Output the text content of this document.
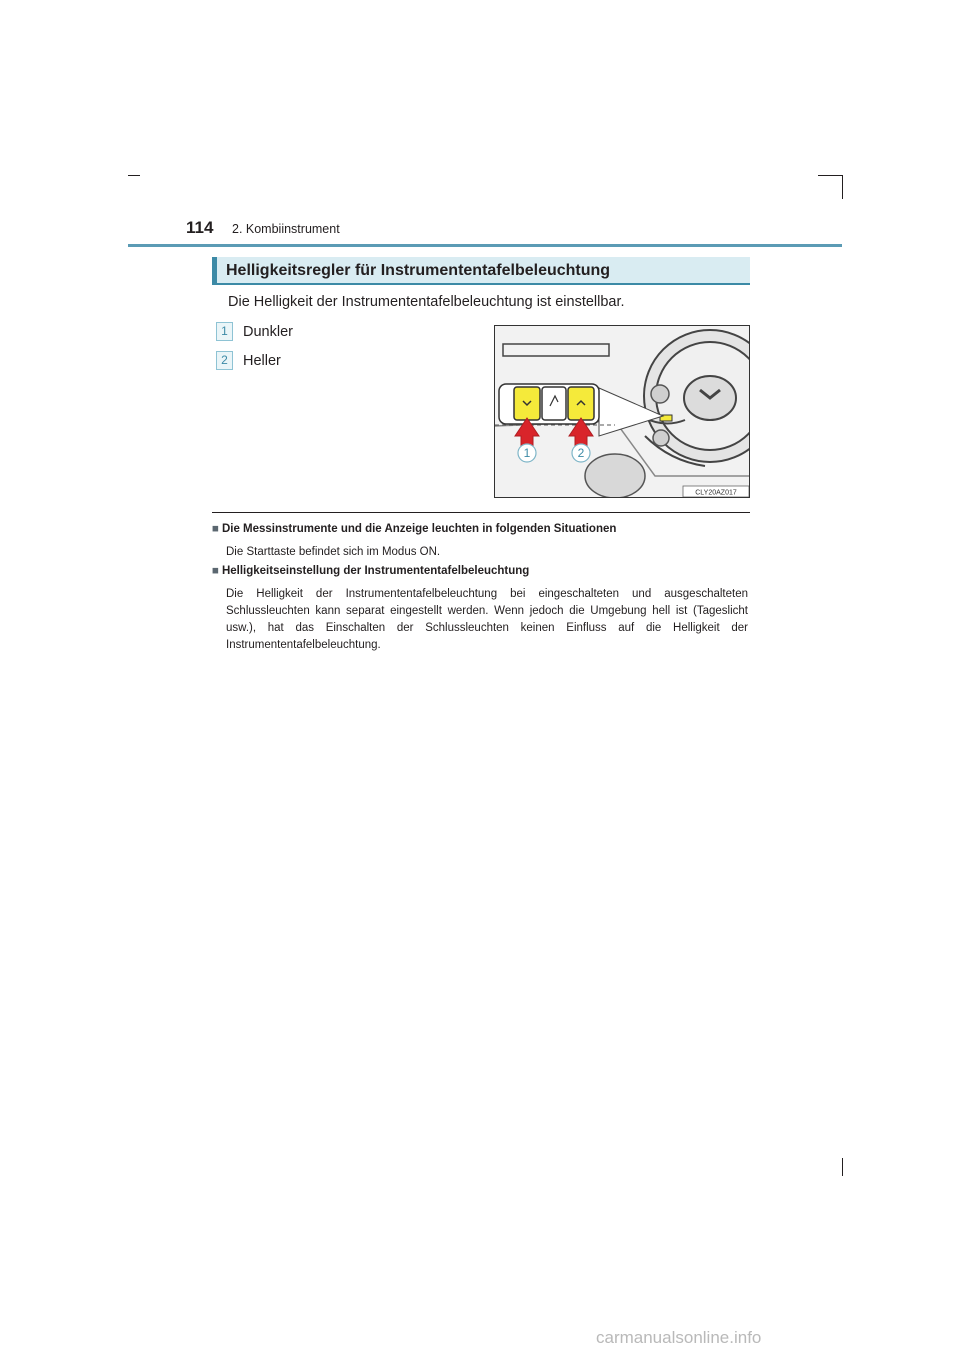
114 2. Kombiinstrument
Helligkeitsregler für Instrumententafelbeleuchtung
Die Helligkeit der Instrumententafelbeleuchtung ist einstellbar.
1	Dunkler
2	Heller
1	2
CLY20AZ017
■ Die Messinstrumente und die Anzeige leuchten in folgenden Situationen
Die Starttaste befindet sich im Modus ON.
■ Helligkeitseinstellung der Instrumententafelbeleuchtung
Die Helligkeit der Instrumententafelbeleuchtung bei eingeschalteten und ausgeschalteten Schlussleuchten kann separat eingestellt werden. Wenn jedoch die Umgebung hell ist (Tageslicht usw.), hat das Einschalten der Schlussleuchten keinen Einfluss auf die Helligkeit der Instrumententafelbeleuchtung.
carmanualsonline.info
